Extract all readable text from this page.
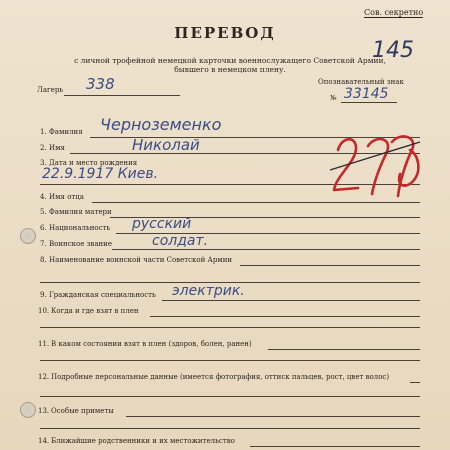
Сов. секретно
ПЕРЕВОД
с личной трофейной немецкой карточки военнослужащего Советской Армии,
бывшего в немецком плену.
145
Лагерь 338	Опознавательный знак
№ 33145
1. Фамилия Черноземенко
2. Имя	Николай
3. Дата и место рождения
22.9.1917 Киев.
4. Имя отца
5. Фамилия матери
6. Национальность русский
7. Воинское звание	солдат.
8. Наименование воинской части Советской Армии
9. Гражданская специальность электрик.
10. Когда и где взят в плен
11. В каком состоянии взят в плен (здоров, болен, ранен)
12. Подробные персональные данные (имеется фотография, оттиск пальцев, рост, цвет волос)
13. Особые приметы
14. Ближайшие родственники и их местожительство
2778
